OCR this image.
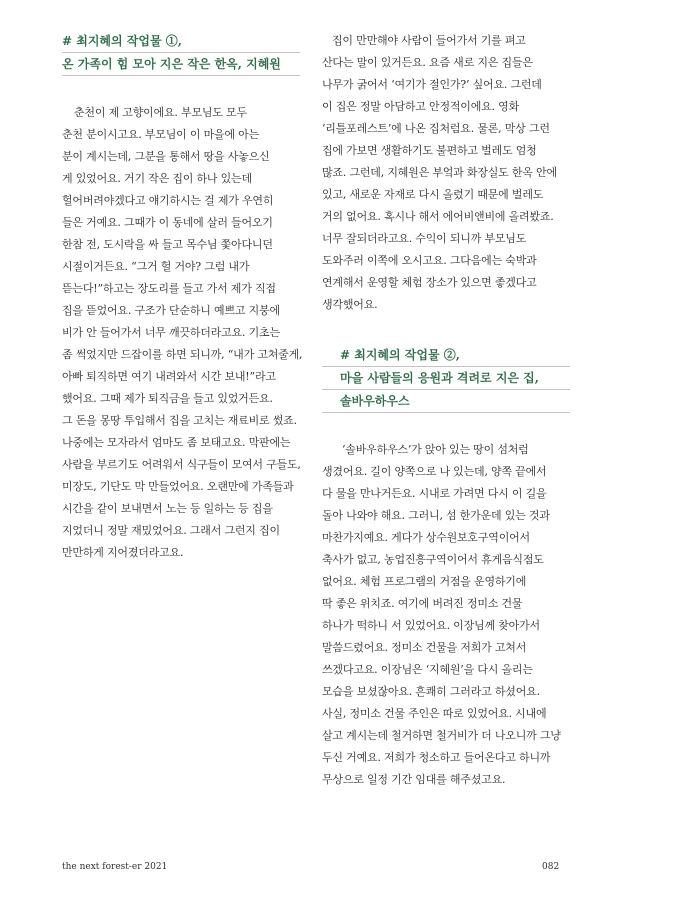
# 최지혜의 작업물 ①,
온 가족이 힘 모아 지은 작은 한옥, 지혜원
춘천이 제 고향이에요. 부모님도 모두
춘천 분이시고요. 부모님이 이 마을에 아는
분이 계시는데, 그분을 통해서 땅을 사놓으신
게 있었어요. 거기 작은 집이 하나 있는데
헐어버려야겠다고 얘기하시는 걸 제가 우연히
들은 거예요. 그때가 이 동네에 살러 들어오기
한참 전, 도시락을 싸 들고 목수님 쫓아다니던
시절이거든요. “그거 헐 거야? 그럼 내가
뜯는다!”하고는 장도리를 들고 가서 제가 직접
집을 뜯었어요. 구조가 단순하니 예쁘고 지붕에
비가 안 들어가서 너무 깨끗하더라고요. 기초는
좀 썩었지만 드잡이를 하면 되니까, “내가 고쳐줄게,
아빠 퇴직하면 여기 내려와서 시간 보내!”라고
했어요. 그때 제가 퇴직금을 들고 있었거든요.
그 돈을 몽땅 투입해서 집을 고치는 재료비로 썼죠.
나중에는 모자라서 엄마도 좀 보태고요. 막판에는
사람을 부르기도 어려워서 식구들이 모여서 구들도,
미장도, 기단도 막 만들었어요. 오랜만에 가족들과
시간을 같이 보내면서 노는 등 일하는 등 집을
지었더니 정말 재밌었어요. 그래서 그런지 집이
만만하게 지어졌더라고요.
집이 만만해야 사람이 들어가서 기를 펴고
산다는 말이 있거든요. 요즘 새로 지은 집들은
나무가 굵어서 ‘여기가 절인가?’ 싶어요. 그런데
이 집은 정말 아담하고 안정적이에요. 영화
‘리틀포레스트’에 나온 집처럼요. 물론, 막상 그런
집에 가보면 생활하기도 불편하고 벌레도 엄청
많죠. 그런데, 지혜원은 부엌과 화장실도 한옥 안에
있고, 새로운 자재로 다시 올렸기 때문에 벌레도
거의 없어요. 혹시나 해서 에어비앤비에 올려봤죠.
너무 잘되더라고요. 수익이 되니까 부모님도
도와주러 이쪽에 오시고요. 그다음에는 숙박과
연계해서 운영할 체험 장소가 있으면 좋겠다고
생각했어요.
# 최지혜의 작업물 ②,
마을 사람들의 응원과 격려로 지은 집,
솔바우하우스
‘솔바우하우스’가 앉아 있는 땅이 섬처럼
생겼어요. 길이 양쪽으로 나 있는데, 양쪽 끝에서
다 물을 만나거든요. 시내로 가려면 다시 이 길을
돌아 나와야 해요. 그러니, 섬 한가운데 있는 것과
마찬가지예요. 게다가 상수원보호구역이어서
축사가 없고, 농업진흥구역이어서 휴게음식점도
없어요. 체험 프로그램의 거점을 운영하기에
딱 좋은 위치죠. 여기에 버려진 정미소 건물
하나가 떡하니 서 있었어요. 이장님께 찾아가서
말씀드렸어요. 정미소 건물을 저희가 고쳐서
쓰겠다고요. 이장님은 ‘지혜원’을 다시 올리는
모습을 보셨잖아요. 흔쾌히 그러라고 하셨어요.
사실, 정미소 건물 주인은 따로 있었어요. 시내에
살고 계시는데 철거하면 철거비가 더 나오니까 그냥
두신 거예요. 저희가 청소하고 들어온다고 하니까
무상으로 일정 기간 임대를 해주셨고요.
the next forest-er 2021	082
